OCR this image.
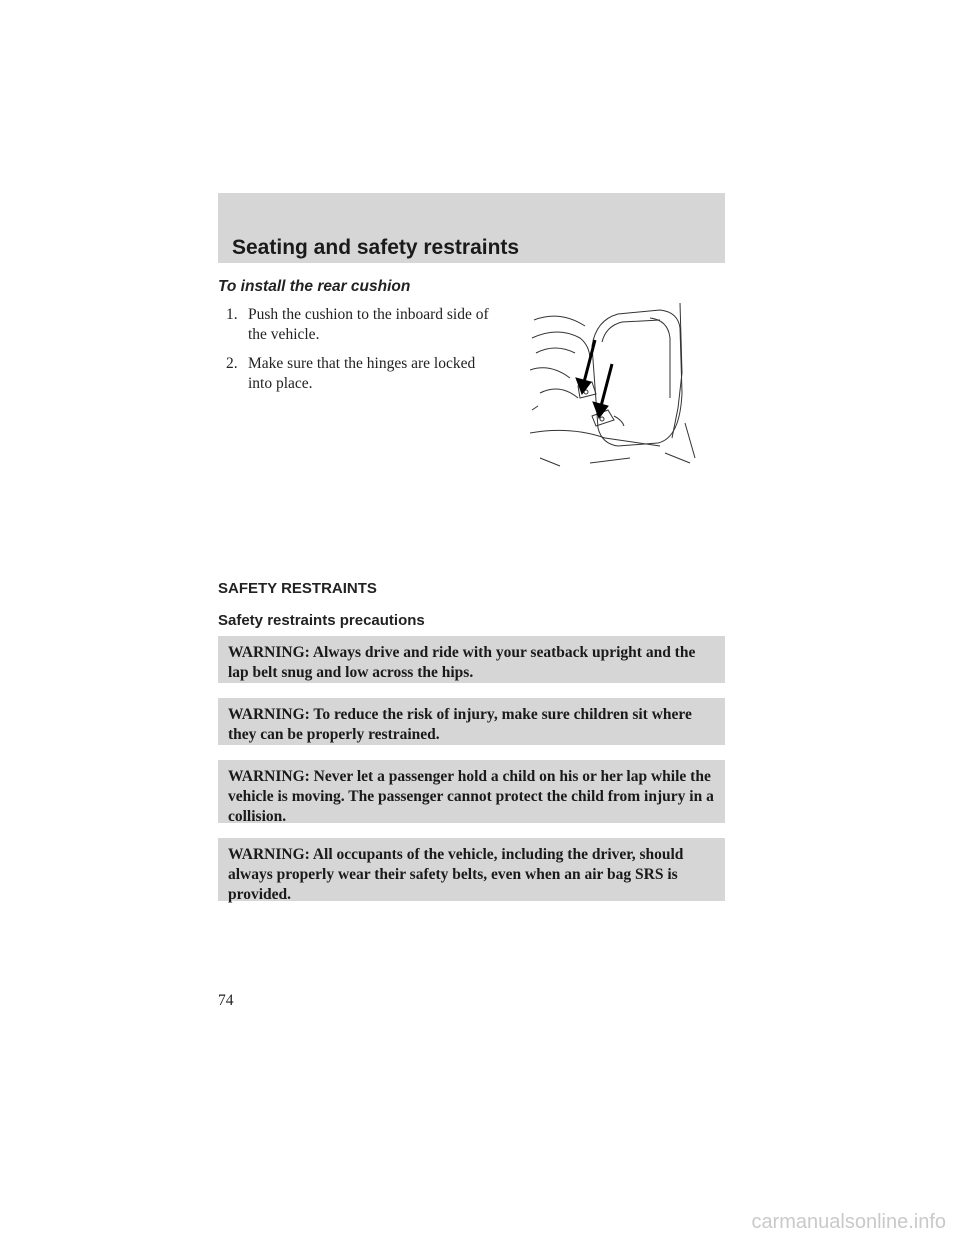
Seating and safety restraints
To install the rear cushion
1. Push the cushion to the inboard side of the vehicle.
2. Make sure that the hinges are locked into place.
SAFETY RESTRAINTS
Safety restraints precautions
WARNING: Always drive and ride with your seatback upright and the lap belt snug and low across the hips.
WARNING: To reduce the risk of injury, make sure children sit where they can be properly restrained.
WARNING: Never let a passenger hold a child on his or her lap while the vehicle is moving. The passenger cannot protect the child from injury in a collision.
WARNING: All occupants of the vehicle, including the driver, should always properly wear their safety belts, even when an air bag SRS is provided.

74

carmanualsonline.info
